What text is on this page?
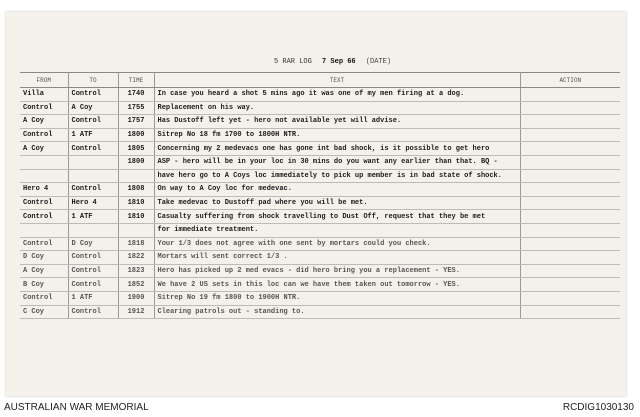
5 RAR LOG 7 Sep 66 (DATE)
FROM	TO	TIME	TEXT	ACTION
Villa	Control	1740	In case you heard a shot 5 mins ago it was one of my men firing at a dog.	
Control	A Coy	1755	Replacement on his way.	
A Coy	Control	1757	Has Dustoff left yet - hero not available yet will advise.	
Control	1 ATF	1800	Sitrep No 18 fm 1700 to 1800H NTR.	
A Coy	Control	1805	Concerning my 2 medevacs one has gone int bad shock, is it possible to get hero	
		1800	ASP - hero will be in your loc in 30 mins do you want any earlier than that. BQ -	
			have hero go to A Coys loc immediately to pick up member is in bad state of shock.	
Hero 4	Control	1808	On way to A Coy loc for medevac.	
Control	Hero 4	1810	Take medevac to Dustoff pad where you will be met.	
Control	1 ATF	1810	Casualty suffering from shock travelling to Dust Off, request that they be met	
			for immediate treatment.	
Control	D Coy	1818	Your 1/3 does not agree with one sent by mortars could you check.	
D Coy	Control	1822	Mortars will sent correct 1/3 .	
A Coy	Control	1823	Hero has picked up 2 med evacs - did hero bring you a replacement - YES.	
B Coy	Control	1852	We have 2 US sets in this loc can we have them taken out tomorrow - YES.	
Control	1 ATF	1900	Sitrep No 19 fm 1800 to 1900H NTR.	
C Coy	Control	1912	Clearing patrols out - standing to.	
AUSTRALIAN WAR MEMORIAL	RCDIG1030130
